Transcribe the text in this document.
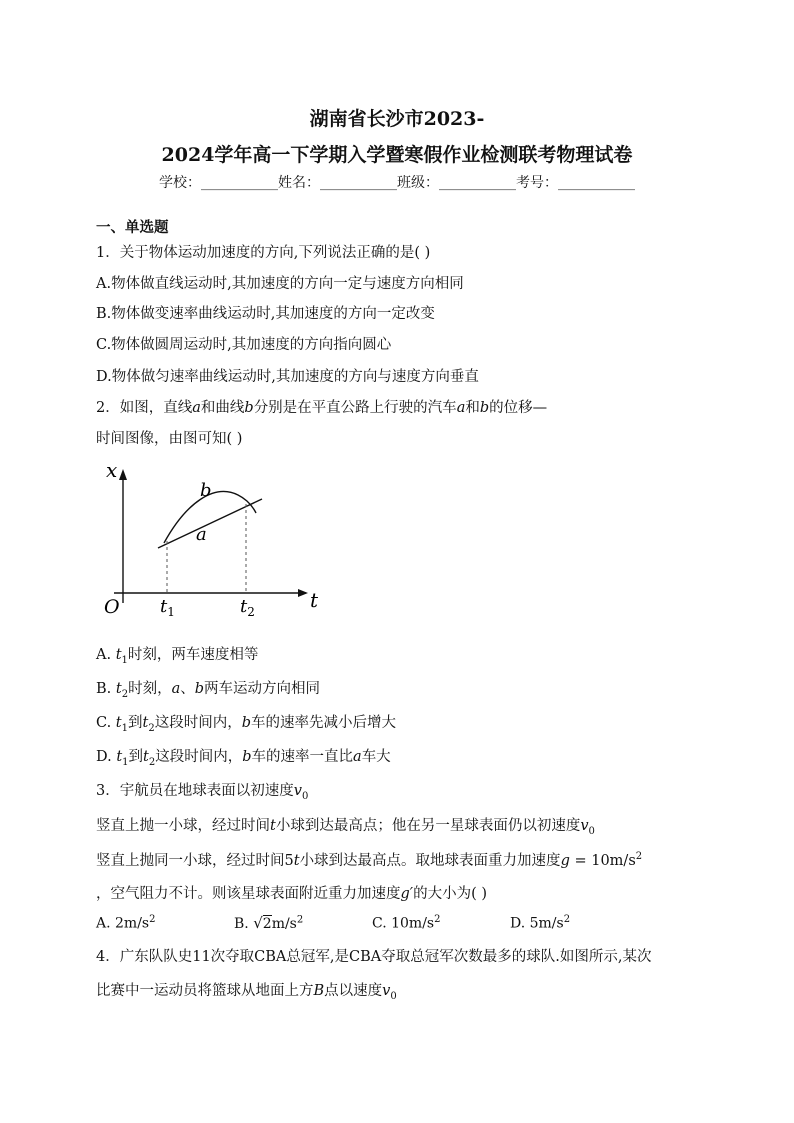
湖南省长沙市2023-
2024学年高一下学期入学暨寒假作业检测联考物理试卷
学校：___________姓名：___________班级：___________考号：___________
一、单选题
1．关于物体运动加速度的方向,下列说法正确的是( )
A.物体做直线运动时,其加速度的方向一定与速度方向相同
B.物体做变速率曲线运动时,其加速度的方向一定改变
C.物体做圆周运动时,其加速度的方向指向圆心
D.物体做匀速率曲线运动时,其加速度的方向与速度方向垂直
2．如图，直线a和曲线b分别是在平直公路上行驶的汽车a和b的位移—
时间图像，由图可知( )
x
t
O
b
a
$t_1$	$t_2$
A. $t_1$时刻，两车速度相等
B. $t_2$时刻，a、b两车运动方向相同
C. $t_1$到$t_2$这段时间内，b车的速率先减小后增大
D. $t_1$到$t_2$这段时间内，b车的速率一直比a车大
3．宇航员在地球表面以初速度$v_0$
竖直上抛一小球，经过时间t小球到达最高点；他在另一星球表面仍以初速度$v_0$
竖直上抛同一小球，经过时间5t小球到达最高点。取地球表面重力加速度$g = 10m/s^2$
，空气阻力不计。则该星球表面附近重力加速度g′的大小为( )
A. $2m/s^2$	B. $√2m/s^2$	C. $10m/s^2$	D. $5m/s^2$
4．广东队队史11次夺取CBA总冠军,是CBA夺取总冠军次数最多的球队.如图所示,某次
比赛中一运动员将篮球从地面上方B点以速度$v_0$
